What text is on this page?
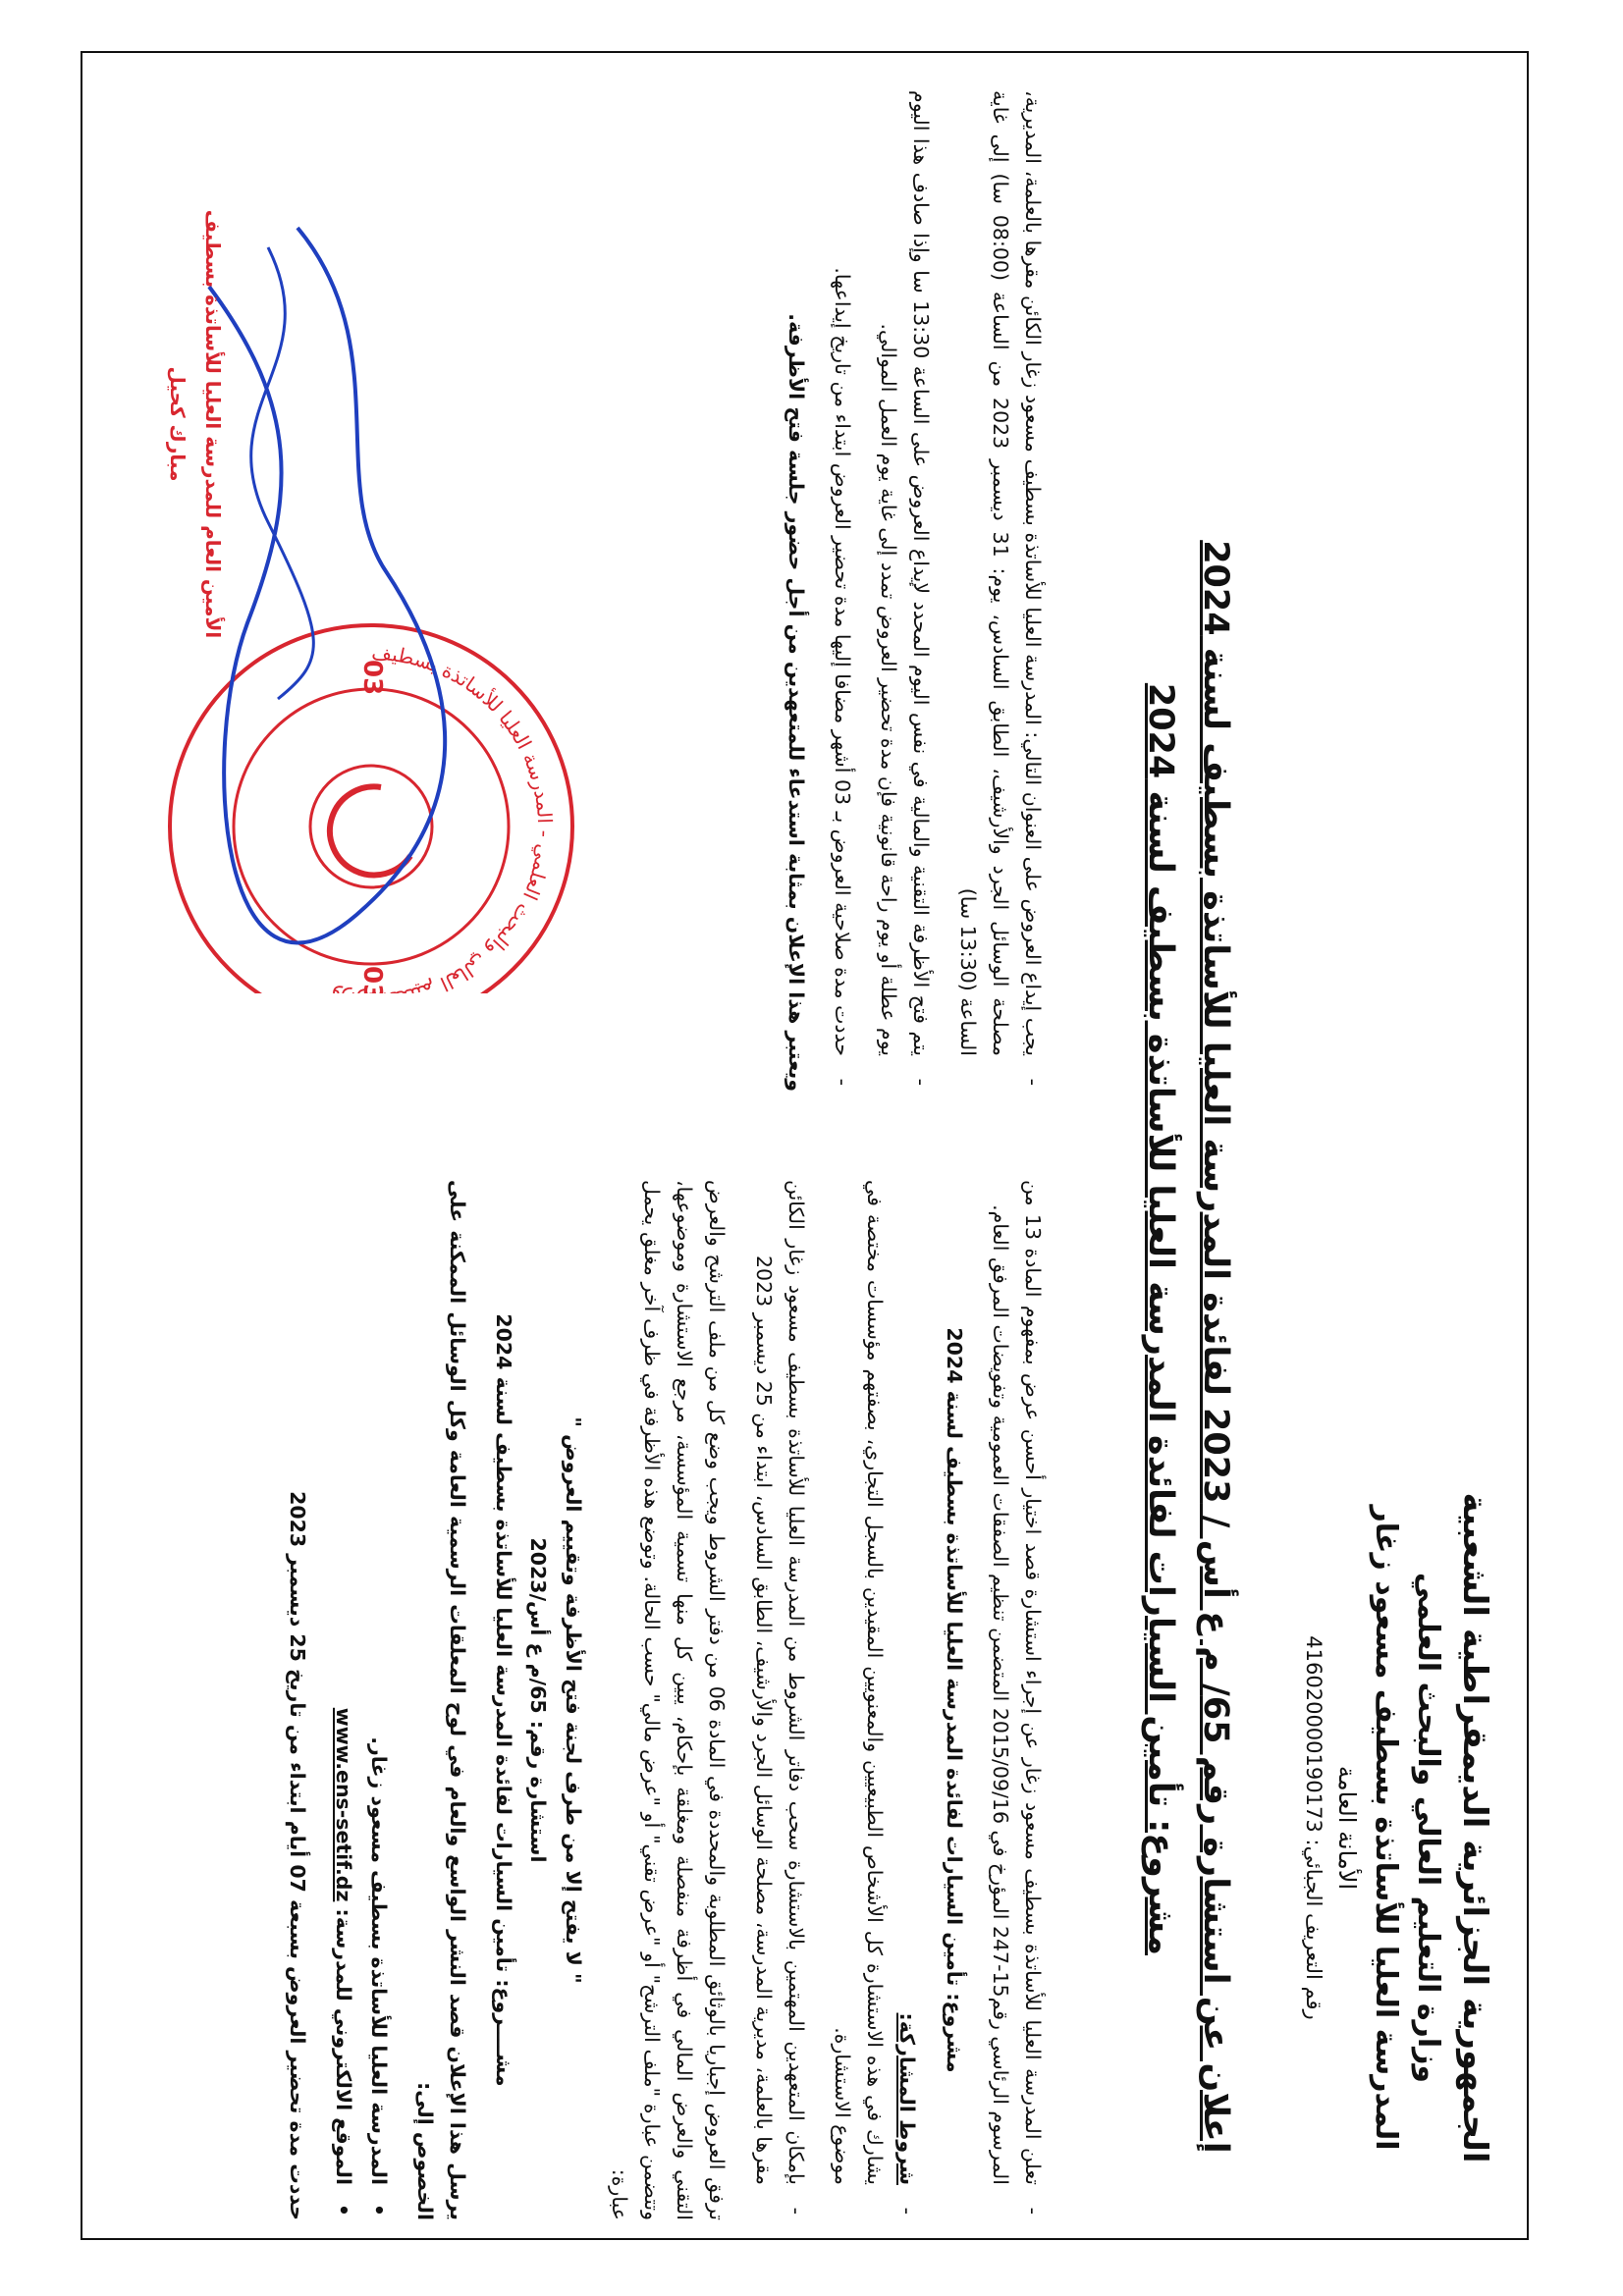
الجمهورية الجزائرية الديمقراطية الشعبية
وزارة التعليم العالي والبحث العلمي
المدرسة العليا للأساتذة بسطيف مسعود زغار
الأمانة العامة
رقم التعريف الجبائي: 416020000190173
إعلان عن استشارة رقم 65/ م ع أس / 2023 لفائدة المدرسة العليا للأساتذة بسطيف لسنة 2024
مشروع: تأمين السيارات لفائدة المدرسة العليا للأساتذة بسطيف لسنة 2024

- تعلن المدرسة العليا للأساتذة بسطيف مسعود زغار عن إجراء استشارة قصد اختيار أحسن عرض بمفهوم المادة 13 من المرسوم الرئاسي رقم15-247 المؤرخ في 2015/09/16 المتضمن تنظيم الصفقات العمومية وتفويضات المرفق العام.

مشروع: تأمين السيارات لفائدة المدرسة العليا للأساتذة بسطيف لسنة 2024

- شروط المشاركة:
يشارك في هذه الاستشارة كل الأشخاص الطبيعيين والمعنويين المقيدين بالسجل التجاري، بصفتهم مؤسسات مختصة في موضوع الاستشارة.

- بإمكان المتعهدين المهتمين بالاستشارة سحب دفاتر الشروط من المدرسة العليا للأساتذة بسطيف مسعود زغار الكائن مقرها بالعلمة، مديرية المدرسة، مصلحة الوسائل الجرد والأرشيف، الطابق السادس، ابتداء من 25 ديسمبر 2023

ترفق العروض إجباريا بالوثائق المطلوبة والمحددة في المادة 06 من دفتر الشروط ويجب وضع كل من ملف الترشح والعرض التقني والعرض المالي في أظرفة منفصلة ومغلقة بإحكام، يبين كل منها تسمية المؤسسة، مرجع الاستشارة وموضوعها، وتتضمن عبارة "ملف الترشح" أو "عرض تقني" أو "عرض مالي" حسب الحالة. وتوضع هذه الأظرفة في ظرف آخر مغلق يحمل عبارة:

" لا يفتح إلا من طرف لجنة فتح الأظرفة وتقييم العروض "

استشارة رقم: 65/م ع أس/2023

مشــــروع: تأمين السيارات لفائدة المدرسة العليا للأساتذة بسطيف لسنة 2024

يرسل هذا الإعلان قصد النشر الواسع والعام في لوح المعلقات الرسمية العامة وكل الوسائل الممكنة على الخصوص إلى:

• المدرسة العليا للأساتذة بسطيف مسعود زغار.

• الموقع الالكتروني للمدرسة: www.ens-setif.dz

حددت مدة تحضير العروض بسبعة 07 أيام ابتداء من تاريخ 25 ديسمبر 2023

- يجب إيداع العروض على العنوان التالي: المدرسة العليا للأساتذة بسطيف مسعود زغار الكائن مقرها بالعلمة، المديرية، مصلحة الوسائل الجرد والأرشيف، الطابق السادس، يوم: 31 ديسمبر 2023 من الساعة (08:00 سا) إلى غاية الساعة (13:30 سا)

- يتم فتح الأظرفة التقنية والمالية في نفس اليوم المحدد لإيداع العروض على الساعة 13:30 سا وإذا صادف هذا اليوم يوم عطلة أو يوم راحة قانونية فإن مدة تحضير العروض تمدد إلى غاية يوم العمل الموالي.

- حددت مدة صلاحية العروض بـ 03 أشهر مضافا إليها مدة تحضير العروض ابتداء من تاريخ إيداعها.

ويعتبر هذا الإعلان بمثابة استدعاء للمتعهدين من أجل حضور جلسة فتح الأظرفة.

يم العالي والبحث العلمي - المدرسة العليا للأساتذة بسطيف
03
03
الأمين العام للمدرسة العليا للأساتذة بسطيف
مبارك كحيل
